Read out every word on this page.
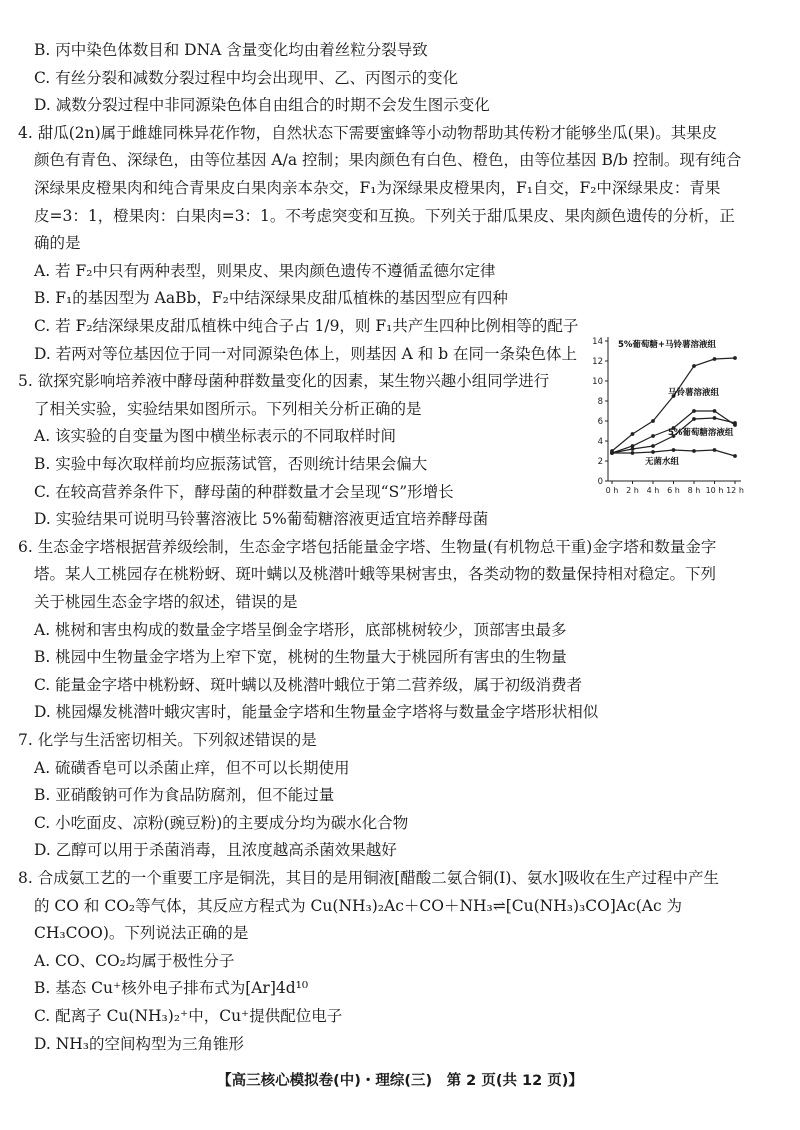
B. 丙中染色体数目和 DNA 含量变化均由着丝粒分裂导致
C. 有丝分裂和减数分裂过程中均会出现甲、乙、丙图示的变化
D. 减数分裂过程中非同源染色体自由组合的时期不会发生图示变化
4. 甜瓜(2n)属于雌雄同株异花作物，自然状态下需要蜜蜂等小动物帮助其传粉才能够坐瓜(果)。其果皮
颜色有青色、深绿色，由等位基因 A/a 控制；果肉颜色有白色、橙色，由等位基因 B/b 控制。现有纯合
深绿果皮橙果肉和纯合青果皮白果肉亲本杂交，F₁为深绿果皮橙果肉，F₁自交，F₂中深绿果皮：青果
皮=3：1，橙果肉：白果肉=3：1。不考虑突变和互换。下列关于甜瓜果皮、果肉颜色遗传的分析，正
确的是
A. 若 F₂中只有两种表型，则果皮、果肉颜色遗传不遵循孟德尔定律
B. F₁的基因型为 AaBb，F₂中结深绿果皮甜瓜植株的基因型应有四种
C. 若 F₂结深绿果皮甜瓜植株中纯合子占 1/9，则 F₁共产生四种比例相等的配子
D. 若两对等位基因位于同一对同源染色体上，则基因 A 和 b 在同一条染色体上
5. 欲探究影响培养液中酵母菌种群数量变化的因素，某生物兴趣小组同学进行
了相关实验，实验结果如图所示。下列相关分析正确的是
A. 该实验的自变量为图中横坐标表示的不同取样时间
B. 实验中每次取样前均应振荡试管，否则统计结果会偏大
C. 在较高营养条件下，酵母菌的种群数量才会呈现“S”形增长
D. 实验结果可说明马铃薯溶液比 5%葡萄糖溶液更适宜培养酵母菌
0
2
4
6
8
10
12
14
0 h 2 h 4 h 6 h 8 h 10 h 12 h
5%葡萄糖+马铃薯溶液组
马铃薯溶液组
5%葡萄糖溶液组
无菌水组
6. 生态金字塔根据营养级绘制，生态金字塔包括能量金字塔、生物量(有机物总干重)金字塔和数量金字
塔。某人工桃园存在桃粉蚜、斑叶螨以及桃潜叶蛾等果树害虫，各类动物的数量保持相对稳定。下列
关于桃园生态金字塔的叙述，错误的是
A. 桃树和害虫构成的数量金字塔呈倒金字塔形，底部桃树较少，顶部害虫最多
B. 桃园中生物量金字塔为上窄下宽，桃树的生物量大于桃园所有害虫的生物量
C. 能量金字塔中桃粉蚜、斑叶螨以及桃潜叶蛾位于第二营养级，属于初级消费者
D. 桃园爆发桃潜叶蛾灾害时，能量金字塔和生物量金字塔将与数量金字塔形状相似
7. 化学与生活密切相关。下列叙述错误的是
A. 硫磺香皂可以杀菌止痒，但不可以长期使用
B. 亚硝酸钠可作为食品防腐剂，但不能过量
C. 小吃面皮、凉粉(豌豆粉)的主要成分均为碳水化合物
D. 乙醇可以用于杀菌消毒，且浓度越高杀菌效果越好
8. 合成氨工艺的一个重要工序是铜洗，其目的是用铜液[醋酸二氨合铜(Ⅰ)、氨水]吸收在生产过程中产生
的 CO 和 CO₂等气体，其反应方程式为 Cu(NH₃)₂Ac＋CO＋NH₃⇌[Cu(NH₃)₃CO]Ac(Ac 为
CH₃COO)。下列说法正确的是
A. CO、CO₂均属于极性分子
【高三核心模拟卷(中)・理综(三)　第 2 页(共 12 页)】
B. 基态 Cu⁺核外电子排布式为[Ar]4d¹⁰
C. 配离子 Cu(NH₃)₂⁺中，Cu⁺提供配位电子
D. NH₃的空间构型为三角锥形
